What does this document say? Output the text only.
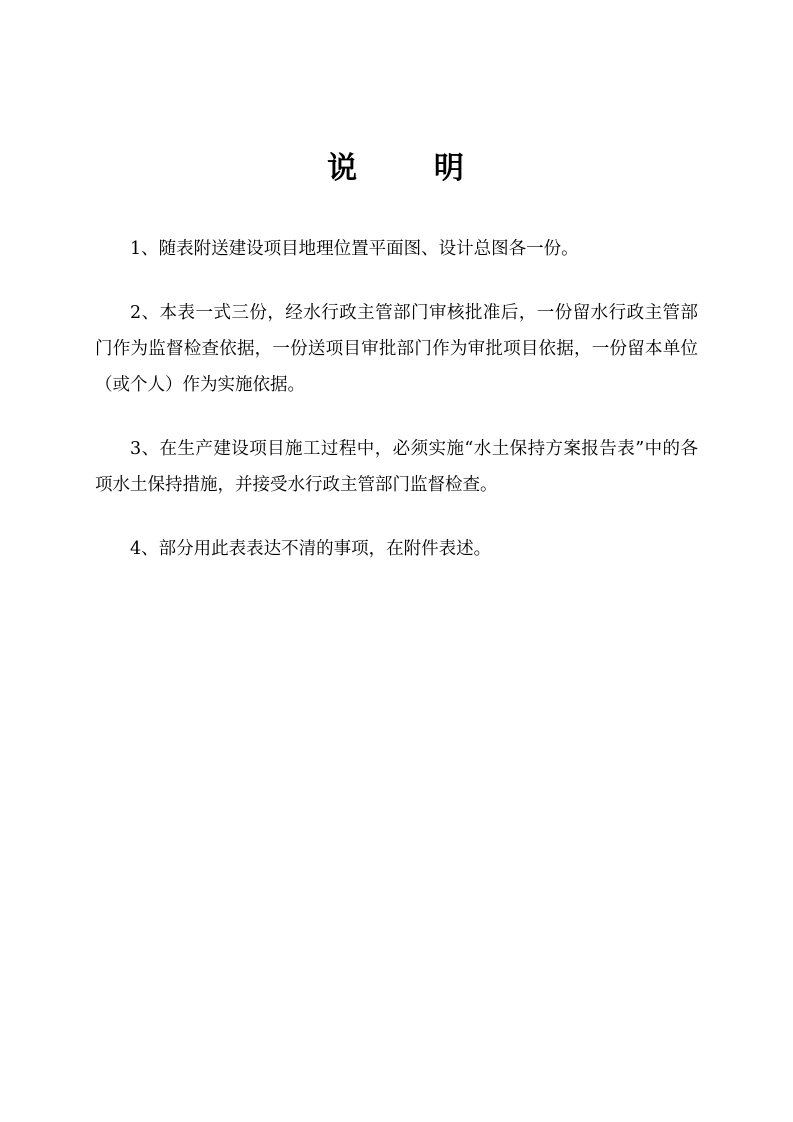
说      明

1、随表附送建设项目地理位置平面图、设计总图各一份。

2、本表一式三份，经水行政主管部门审核批准后，一份留水行政主管部门作为监督检查依据，一份送项目审批部门作为审批项目依据，一份留本单位（或个人）作为实施依据。

3、在生产建设项目施工过程中，必须实施“水土保持方案报告表”中的各项水土保持措施，并接受水行政主管部门监督检查。

4、部分用此表表达不清的事项，在附件表述。
